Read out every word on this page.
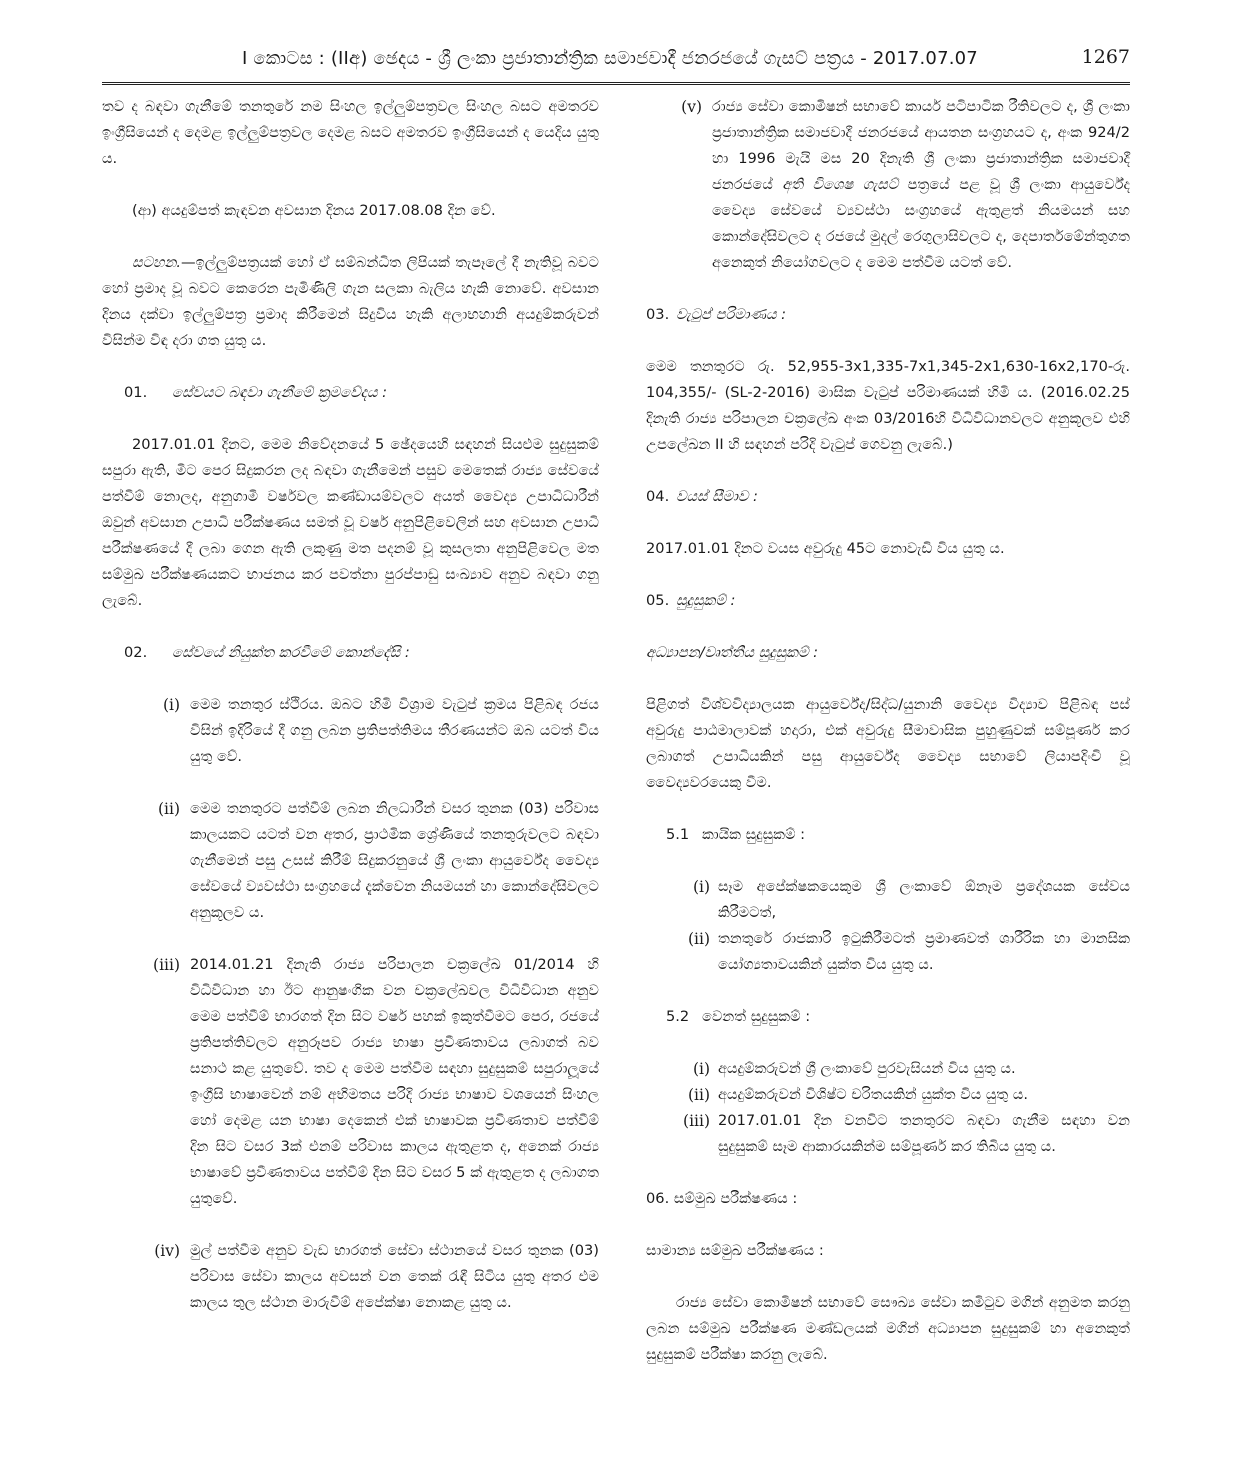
I කොටස : (IIඅ) ඡෙදය - ශ්‍රී ලංකා ප්‍රජාතාන්ත්‍රික සමාජවාදී ජනරජයේ ගැසට් පත්‍රය - 2017.07.07	1267

තව ද බඳවා ගැනීමේ තනතුරේ නම සිංහල ඉල්ලුම්පත්‍රවල සිංහල බසට අමතරව ඉංග්‍රීසියෙන් ද දෙමළ ඉල්ලුම්පත්‍රවල දෙමළ බසට අමතරව ඉංග්‍රීසියෙන් ද යෙදිය යුතු ය.

(ආ) අයදුම්පත් කැඳවන අවසාන දිනය 2017.08.08 දින වේ.

සටහන.—ඉල්ලුම්පත්‍රයක් හෝ ඒ සම්බන්ධිත ලිපියක් තැපෑලේ දී නැතිවූ බවට හෝ ප්‍රමාද වූ බවට කෙරෙන පැමිණිලි ගැන සලකා බැලිය හැකි නොවේ. අවසාන දිනය දක්වා ඉල්ලුම්පත්‍ර ප්‍රමාද කිරීමෙන් සිදුවිය හැකි අලාභහානි අයදුම්කරුවන් විසින්ම විඳ දරා ගත යුතු ය.

01.	සේවයට බඳවා ගැනීමේ ක්‍රමවේදය :

2017.01.01 දිනට, මෙම නිවේදනයේ 5 ඡේදයෙහි සඳහන් සියළුම සුදුසුකම් සපුරා ඇති, මීට පෙර සිදුකරන ලද බඳවා ගැනීමෙන් පසුව මෙතෙක් රාජ්‍ය සේවයේ පත්වීම් නොලද, අනුගාමී වර්ෂවල කණ්ඩායම්වලට අයත් වෛද්‍ය උපාධිධාරීන් ඔවුන් අවසාන උපාධි පරීක්ෂණය සමත් වූ වර්ෂ අනුපිළිවෙලින් සහ අවසාන උපාධි පරීක්ෂණයේ දී ලබා ගෙන ඇති ලකුණු මත පදනම් වූ කුසලතා අනුපිළිවෙල මත සම්මුඛ පරීක්ෂණයකට භාජනය කර පවත්නා පුරප්පාඩු සංඛ්‍යාව අනුව බඳවා ගනු ලැබේ.

02.	සේවයේ නියුක්ත කරවීමේ කොන්දේසි :
(i) මෙම තනතුර ස්ථිරය. ඔබට හිමි විශ්‍රාම වැටුප් ක්‍රමය පිළිබඳ රජය විසින් ඉදිරියේ දී ගනු ලබන ප්‍රතිපත්තිමය තීරණයන්ට ඔබ යටත් විය යුතු වේ.
(ii) මෙම තනතුරට පත්වීම් ලබන නිලධාරීන් වසර තුනක (03) පරිවාස කාලයකට යටත් වන අතර, ප්‍රාථමික ශ්‍රේණියේ තනතුරුවලට බඳවා ගැනීමෙන් පසු උසස් කිරීම් සිදුකරනුයේ ශ්‍රී ලංකා ආයුර්වේද වෛද්‍ය සේවයේ ව්‍යවස්ථා සංග්‍රහයේ දැක්වෙන නියමයන් හා කොන්දේසිවලට අනුකූලව ය.
(iii) 2014.01.21 දිනැති රාජ්‍ය පරිපාලන චක්‍රලේඛ 01/2014 හි විධිවිධාන හා ඊට ආනුෂංගික වන චක්‍රලේඛවල විධිවිධාන අනුව මෙම පත්වීම් භාරගත් දින සිට වර්ෂ පහක් ඉකුත්වීමට පෙර, රජයේ ප්‍රතිපත්තිවලට අනුරූපව රාජ්‍ය භාෂා ප්‍රවීණතාවය ලබාගත් බව සනාථ කළ යුතුවේ. තව ද මෙම පත්වීම සඳහා සුදුසුකම් සපුරාලූයේ ඉංග්‍රීසි භාෂාවෙන් නම් අභිමතය පරිදි රාජ්‍ය භාෂාව වශයෙන් සිංහල හෝ දෙමළ යන භාෂා දෙකෙන් එක් භාෂාවක ප්‍රවීණතාව පත්වීම් දින සිට වසර 3ක් එනම් පරිවාස කාලය ඇතුළත ද, අනෙක් රාජ්‍ය භාෂාවේ ප්‍රවීණතාවය පත්වීම් දින සිට වසර 5 ක් ඇතුළත ද ලබාගත යුතුවේ.
(iv) මුල් පත්වීම අනුව වැඩ භාරගත් සේවා ස්ථානයේ වසර තුනක (03) පරිවාස සේවා කාලය අවසන් වන තෙක් රැඳී සිටිය යුතු අතර එම කාලය තුල ස්ථාන මාරුවීම් අපේක්ෂා නොකළ යුතු ය.
(v) රාජ්‍ය සේවා කොමිෂන් සභාවේ කාර්ය පටිපාටික රීතිවලට ද, ශ්‍රී ලංකා ප්‍රජාතාන්ත්‍රික සමාජවාදී ජනරජයේ ආයතන සංග්‍රහයට ද, අංක 924/2 හා 1996 මැයි මස 20 දිනැති ශ්‍රී ලංකා ප්‍රජාතාන්ත්‍රික සමාජවාදී ජනරජයේ අති විශෙෂ ගැසට් පත්‍රයේ පළ වූ ශ්‍රී ලංකා ආයුර්වේද වෛද්‍ය සේවයේ ව්‍යවස්ථා සංග්‍රහයේ ඇතුළත් නියමයන් සහ කොන්දේසිවලට ද රජයේ මුදල් රෙගුලාසිවලට ද, දෙපාර්තමේන්තුගත අනෙකුත් නියෝගවලට ද මෙම පත්වීම යටත් වේ.
03. වැටුප් පරිමාණය :

මෙම තනතුරට රු. 52,955-3x1,335-7x1,345-2x1,630-16x2,170-රු. 104,355/- (SL-2-2016) මාසික වැටුප් පරිමාණයක් හිමි ය. (2016.02.25 දිනැති රාජ්‍ය පරිපාලන චක්‍රලේඛ අංක 03/2016හි විධිවිධානවලට අනුකූලව එහි උපලේඛන II හි සඳහන් පරිදි වැටුප් ගෙවනු ලැබේ.)

04. වයස් සීමාව :

2017.01.01 දිනට වයස අවුරුදු 45ට නොවැඩි විය යුතු ය.

05. සුදුසුකම් :

අධ්‍යාපන/වෘත්තීය සුදුසුකම් :

පිළිගත් විශ්වවිද්‍යාලයක ආයුර්වේද/සිද්ධ/යුනානි වෛද්‍ය විද්‍යාව පිළිබඳ පස් අවුරුදු පාඨමාලාවක් හදාරා, එක් අවුරුදු සීමාවාසික පුහුණුවක් සම්පූර්ණ කර ලබාගත් උපාධියකින් පසු ආයුර්වේද වෛද්‍ය සභාවේ ලියාපදිංචි වූ වෛද්‍යවරයෙකු වීම.

5.1 කායික සුදුසුකම් :
(i) සෑම අපේක්ෂකයෙකුම ශ්‍රී ලංකාවේ ඕනෑම ප්‍රදේශයක සේවය කිරීමටත්,
(ii) තනතුරේ රාජකාරි ඉටුකිරීමටත් ප්‍රමාණවත් ශාරීරික හා මානසික යෝග්‍යතාවයකින් යුක්ත විය යුතු ය.
5.2 වෙනත් සුදුසුකම් :
(i) අයදුම්කරුවන් ශ්‍රී ලංකාවේ පුරවැසියන් විය යුතු ය.
(ii) අයදුම්කරුවන් විශිෂ්ට චරිතයකින් යුක්ත විය යුතු ය.
(iii) 2017.01.01 දින වනවිට තනතුරට බඳවා ගැනීම සඳහා වන සුදුසුකම් සෑම ආකාරයකින්ම සම්පූර්ණ කර තිබිය යුතු ය.

06. සම්මුඛ පරීක්ෂණය :

සාමාන්‍ය සම්මුඛ පරීක්ෂණය :

රාජ්‍ය සේවා කොමිෂන් සභාවේ සෞඛ්‍ය සේවා කමිටුව මගින් අනුමත කරනු ලබන සම්මුඛ පරීක්ෂණ මණ්ඩලයක් මගින් අධ්‍යාපන සුදුසුකම් හා අනෙකුත් සුදුසුකම් පරීක්ෂා කරනු ලැබේ.
